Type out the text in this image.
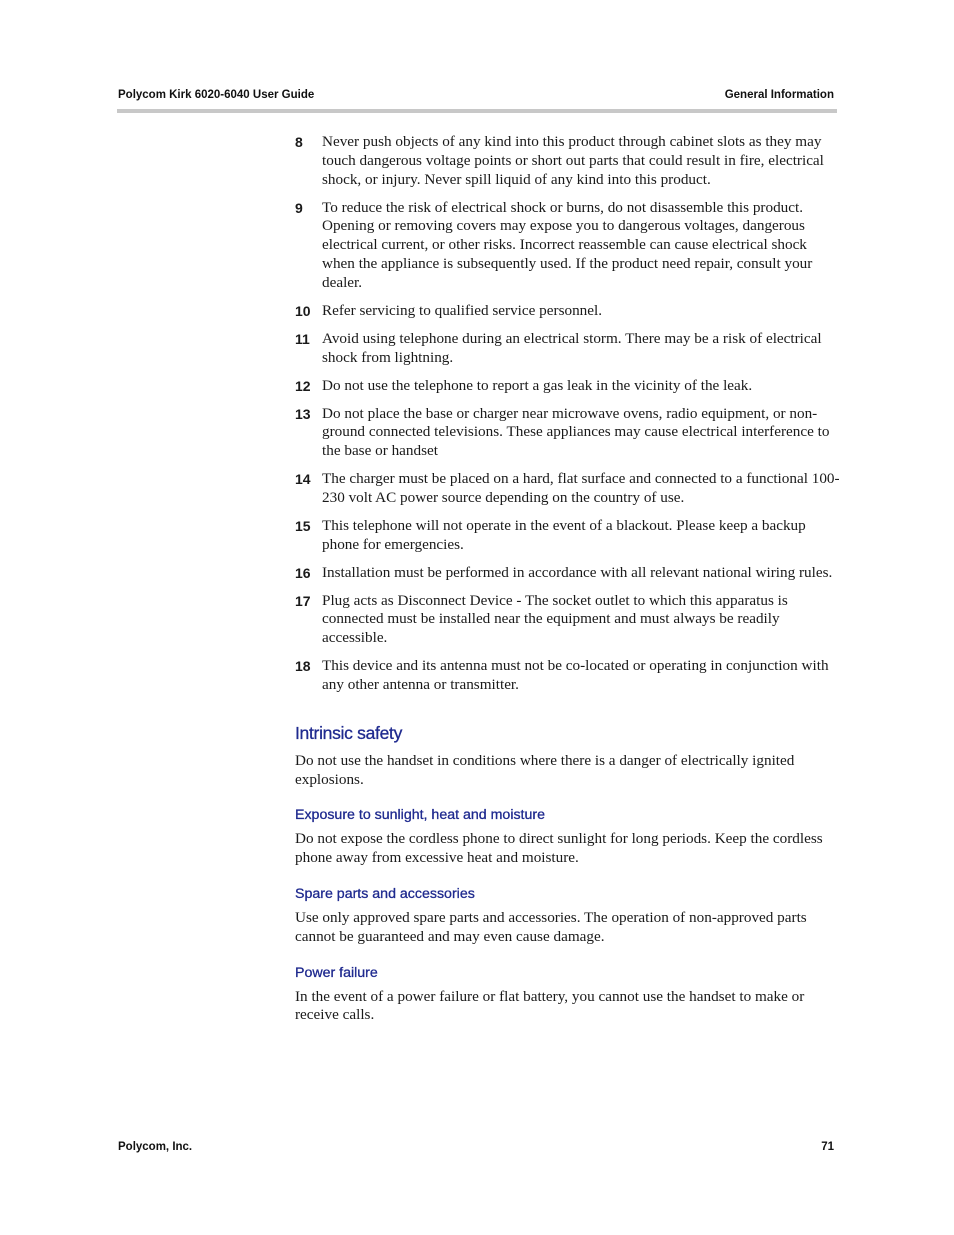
Polycom Kirk 6020-6040 User Guide	General Information
8 Never push objects of any kind into this product through cabinet slots as they may touch dangerous voltage points or short out parts that could result in fire, electrical shock, or injury. Never spill liquid of any kind into this product.
9 To reduce the risk of electrical shock or burns, do not disassemble this product. Opening or removing covers may expose you to dangerous voltages, dangerous electrical current, or other risks. Incorrect reassemble can cause electrical shock when the appliance is subsequently used. If the product need repair, consult your dealer.
10 Refer servicing to qualified service personnel.
11 Avoid using telephone during an electrical storm. There may be a risk of electrical shock from lightning.
12 Do not use the telephone to report a gas leak in the vicinity of the leak.
13 Do not place the base or charger near microwave ovens, radio equipment, or non-ground connected televisions. These appliances may cause electrical interference to the base or handset
14 The charger must be placed on a hard, flat surface and connected to a functional 100-230 volt AC power source depending on the country of use.
15 This telephone will not operate in the event of a blackout. Please keep a backup phone for emergencies.
16 Installation must be performed in accordance with all relevant national wiring rules.
17 Plug acts as Disconnect Device - The socket outlet to which this apparatus is connected must be installed near the equipment and must always be readily accessible.
18 This device and its antenna must not be co-located or operating in conjunction with any other antenna or transmitter.
Intrinsic safety

Do not use the handset in conditions where there is a danger of electrically ignited explosions.

Exposure to sunlight, heat and moisture

Do not expose the cordless phone to direct sunlight for long periods. Keep the cordless phone away from excessive heat and moisture.

Spare parts and accessories

Use only approved spare parts and accessories. The operation of non-approved parts cannot be guaranteed and may even cause damage.

Power failure

In the event of a power failure or flat battery, you cannot use the handset to make or receive calls.

Polycom, Inc.	71
